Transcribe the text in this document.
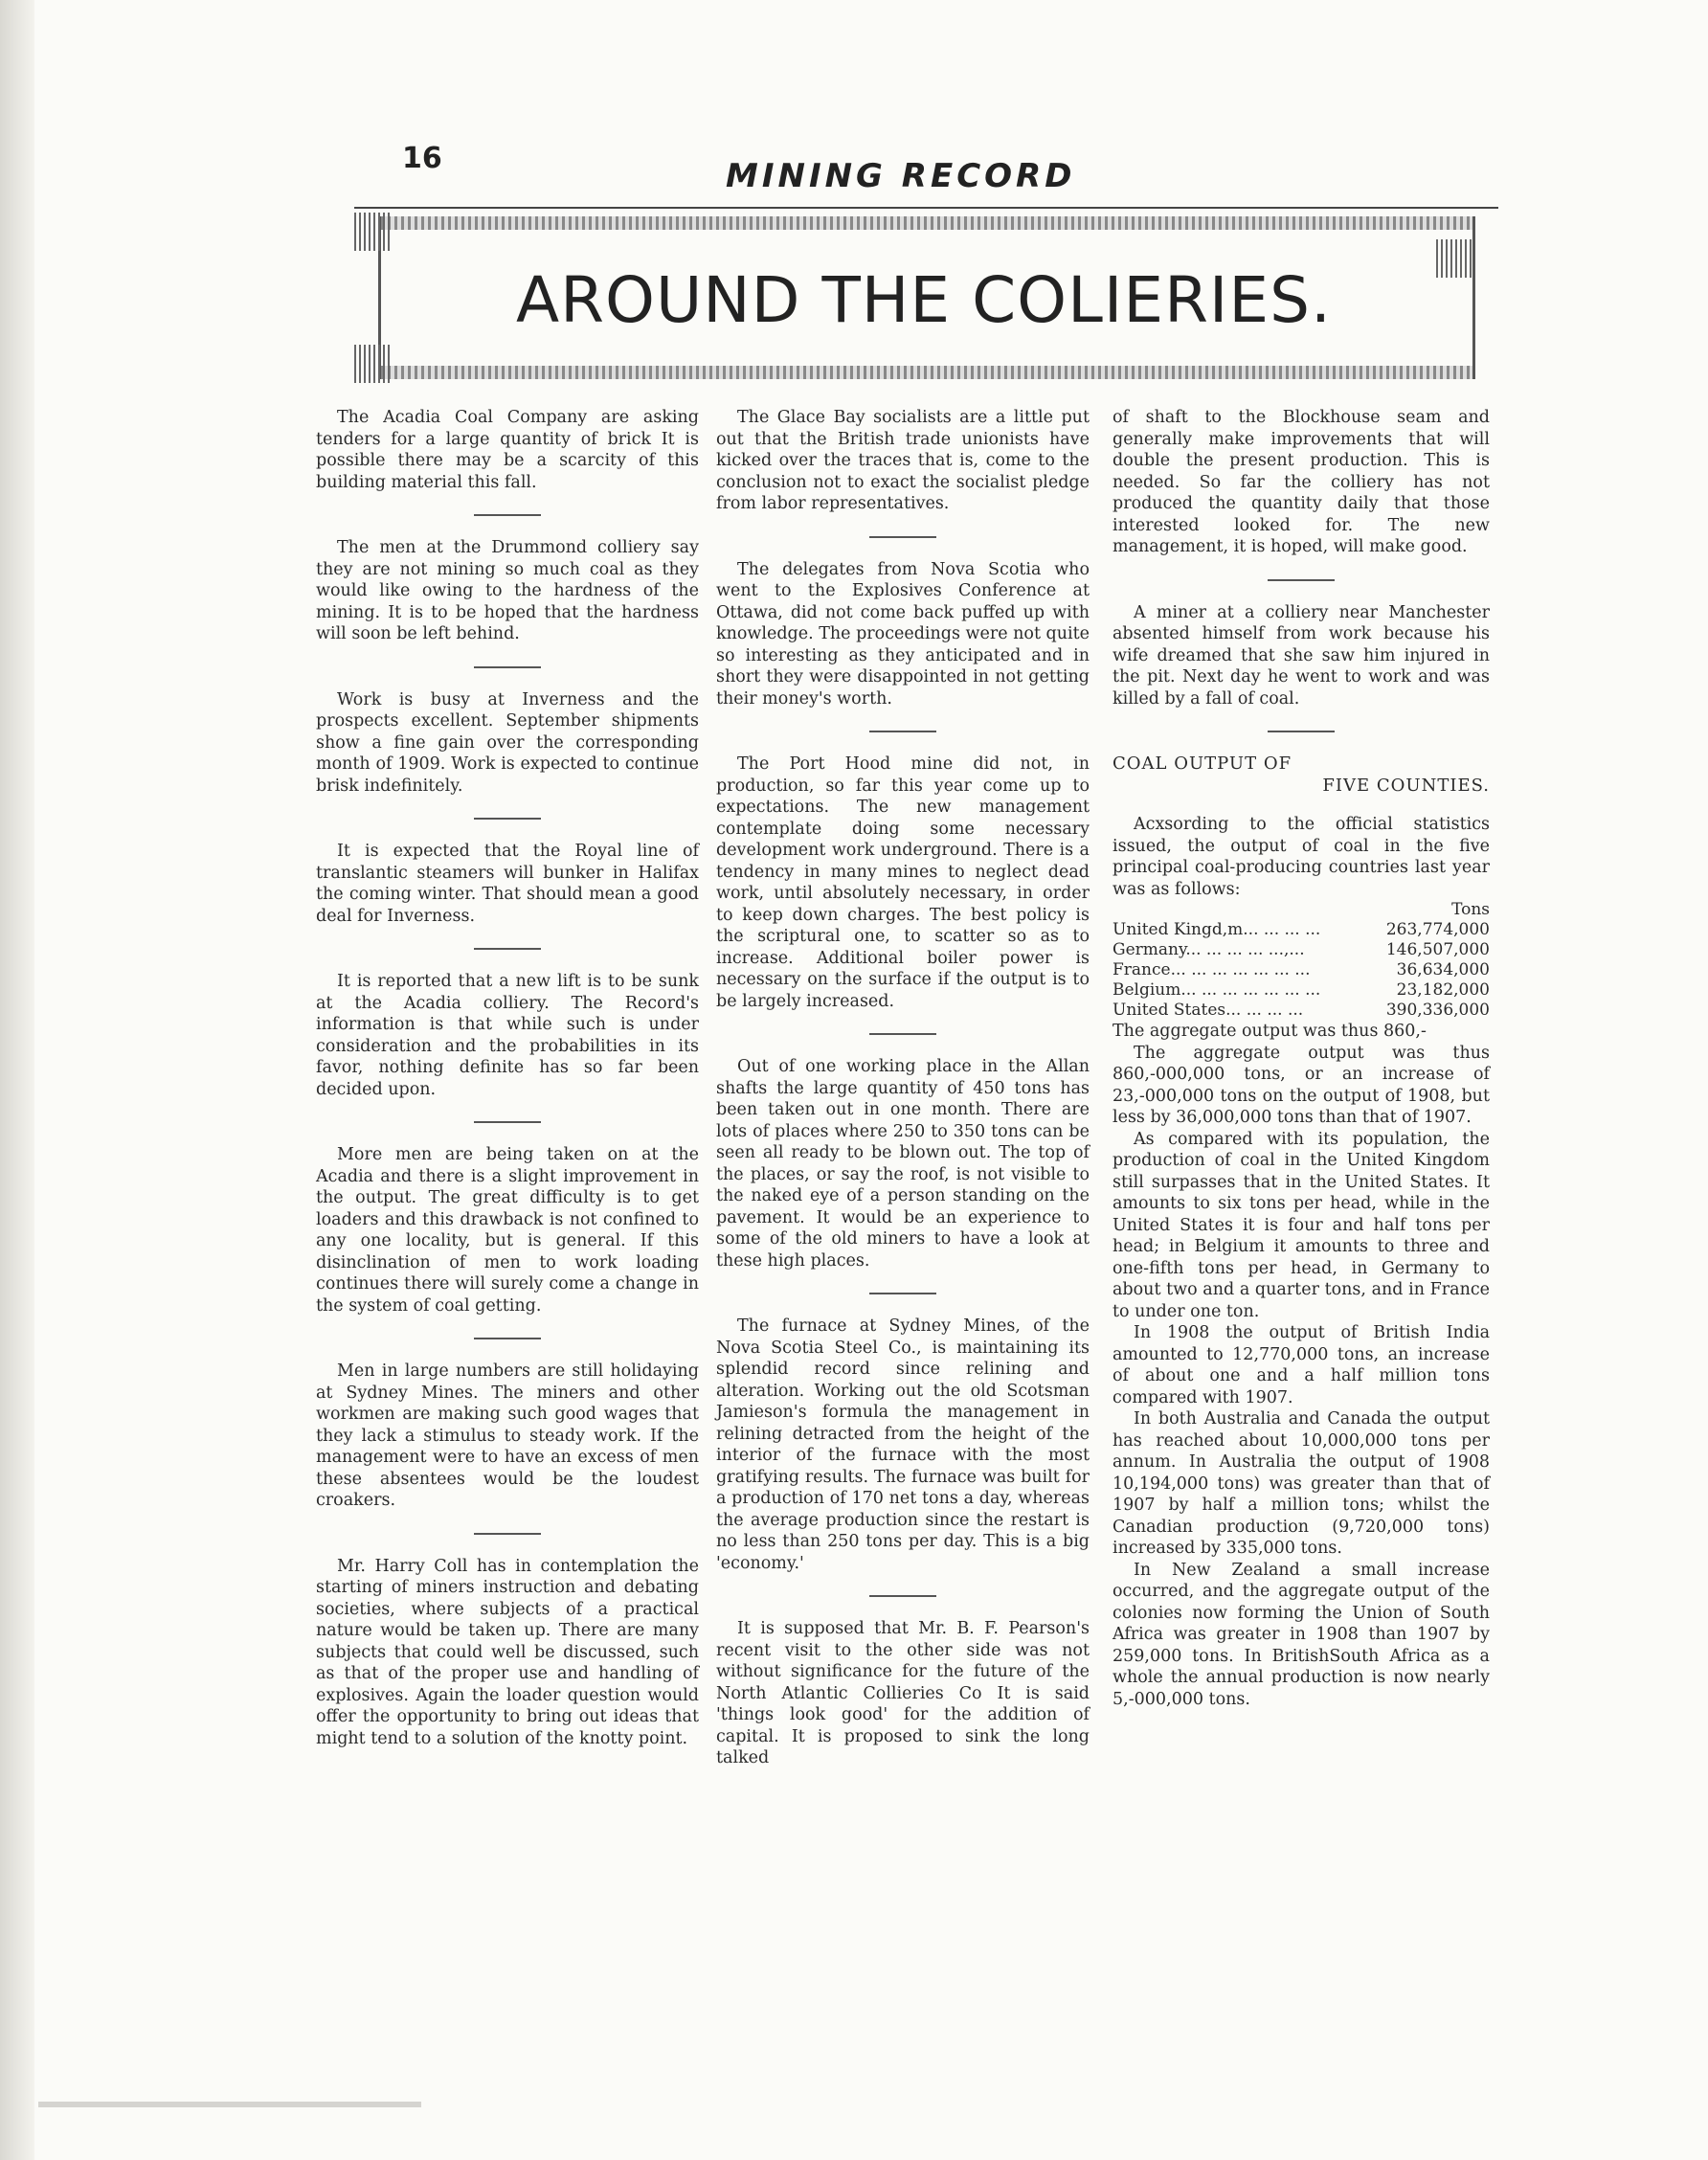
16	MINING RECORD
AROUND THE COLIERIES.

The Acadia Coal Company are asking tenders for a large quantity of brick It is possible there may be a scarcity of this building material this fall.

The men at the Drummond colliery say they are not mining so much coal as they would like owing to the hardness of the mining. It is to be hoped that the hardness will soon be left behind.

Work is busy at Inverness and the prospects excellent. September shipments show a fine gain over the corresponding month of 1909. Work is expected to continue brisk indefinitely.

It is expected that the Royal line of translantic steamers will bunker in Halifax the coming winter. That should mean a good deal for Inverness.

It is reported that a new lift is to be sunk at the Acadia colliery. The Record's information is that while such is under consideration and the probabilities in its favor, nothing definite has so far been decided upon.

More men are being taken on at the Acadia and there is a slight improvement in the output. The great difficulty is to get loaders and this drawback is not confined to any one locality, but is general. If this disinclination of men to work loading continues there will surely come a change in the system of coal getting.

Men in large numbers are still holidaying at Sydney Mines. The miners and other workmen are making such good wages that they lack a stimulus to steady work. If the management were to have an excess of men these absentees would be the loudest croakers.

Mr. Harry Coll has in contemplation the starting of miners instruction and debating societies, where subjects of a practical nature would be taken up. There are many subjects that could well be discussed, such as that of the proper use and handling of explosives. Again the loader question would offer the opportunity to bring out ideas that might tend to a solution of the knotty point.

The Glace Bay socialists are a little put out that the British trade unionists have kicked over the traces that is, come to the conclusion not to exact the socialist pledge from labor representatives.

The delegates from Nova Scotia who went to the Explosives Conference at Ottawa, did not come back puffed up with knowledge. The proceedings were not quite so interesting as they anticipated and in short they were disappointed in not getting their money's worth.

The Port Hood mine did not, in production, so far this year come up to expectations. The new management contemplate doing some necessary development work underground. There is a tendency in many mines to neglect dead work, until absolutely necessary, in order to keep down charges. The best policy is the scriptural one, to scatter so as to increase. Additional boiler power is necessary on the surface if the output is to be largely increased.

Out of one working place in the Allan shafts the large quantity of 450 tons has been taken out in one month. There are lots of places where 250 to 350 tons can be seen all ready to be blown out. The top of the places, or say the roof, is not visible to the naked eye of a person standing on the pavement. It would be an experience to some of the old miners to have a look at these high places.

The furnace at Sydney Mines, of the Nova Scotia Steel Co., is maintaining its splendid record since relining and alteration. Working out the old Scotsman Jamieson's formula the management in relining detracted from the height of the interior of the furnace with the most gratifying results. The furnace was built for a production of 170 net tons a day, whereas the average production since the restart is no less than 250 tons per day. This is a big 'economy.'

It is supposed that Mr. B. F. Pearson's recent visit to the other side was not without significance for the future of the North Atlantic Collieries Co It is said 'things look good' for the addition of capital. It is proposed to sink the long talked

of shaft to the Blockhouse seam and generally make improvements that will double the present production. This is needed. So far the colliery has not produced the quantity daily that those interested looked for. The new management, it is hoped, will make good.

A miner at a colliery near Manchester absented himself from work because his wife dreamed that she saw him injured in the pit. Next day he went to work and was killed by a fall of coal.

COAL OUTPUT OF
FIVE COUNTIES.

Acxsording to the official statistics issued, the output of coal in the five principal coal-producing countries last year was as follows:

	Tons
United Kingd,m... ... ... ...	263,774,000
Germany... ... ... ... ...,...	146,507,000
France... ... ... ... ... ... ...	36,634,000
Belgium... ... ... ... ... ... ...	23,182,000
United States... ... ... ...	390,336,000

The aggregate output was thus 860,-

The aggregate output was thus 860,-000,000 tons, or an increase of 23,-000,000 tons on the output of 1908, but less by 36,000,000 tons than that of 1907.

As compared with its population, the production of coal in the United Kingdom still surpasses that in the United States. It amounts to six tons per head, while in the United States it is four and half tons per head; in Belgium it amounts to three and one-fifth tons per head, in Germany to about two and a quarter tons, and in France to under one ton.

In 1908 the output of British India amounted to 12,770,000 tons, an increase of about one and a half million tons compared with 1907.

In both Australia and Canada the output has reached about 10,000,000 tons per annum. In Australia the output of 1908 10,194,000 tons) was greater than that of 1907 by half a million tons; whilst the Canadian production (9,720,000 tons) increased by 335,000 tons.

In New Zealand a small increase occurred, and the aggregate output of the colonies now forming the Union of South Africa was greater in 1908 than 1907 by 259,000 tons. In BritishSouth Africa as a whole the annual production is now nearly 5,-000,000 tons.
